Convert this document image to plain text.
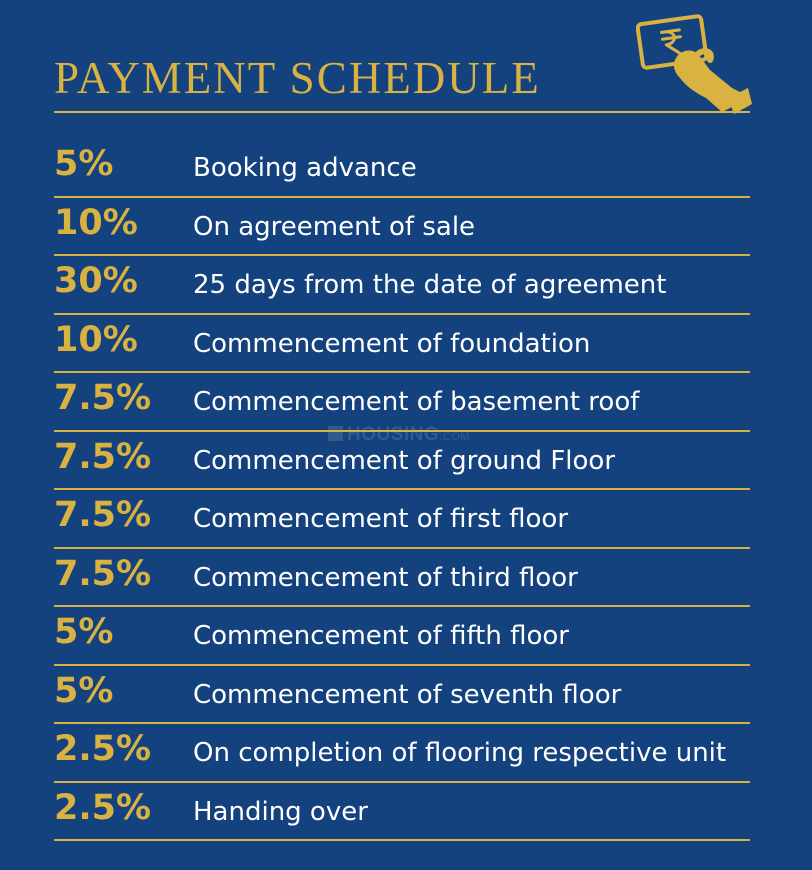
PAYMENT SCHEDULE
HOUSING.COM
5%	Booking advance
10% On agreement of sale
30% 25 days from the date of agreement
10% Commencement of foundation
7.5% Commencement of basement roof
7.5% Commencement of ground Floor
7.5% Commencement of first floor
7.5% Commencement of third floor
5%	Commencement of fifth floor
5%	Commencement of seventh floor
2.5% On completion of flooring respective unit
2.5% Handing over
